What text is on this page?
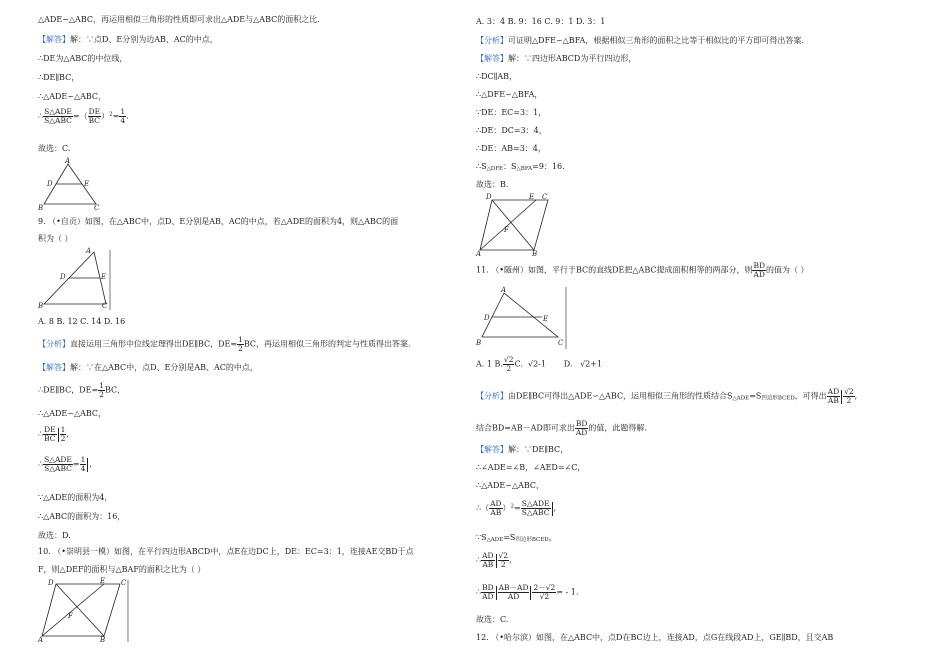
△ADE∽△ABC，再运用相似三角形的性质即可求出△ADE与△ABC的面积之比.
【解答】解：∵点D、E分别为边AB、AC的中点，
∴DE为△ABC的中位线，
∴DE∥BC，
∴△ADE∽△ABC，
∴ S△ADE
S△ABC =（ $\frac{DE}{BC} )^2= \frac{1}{4}$ ．
故选：C.
A
D	E
B	C
9. （•自贡）如图，在△ABC中，点D、E分别是AB、AC的中点，若△ADE的面积为4，则△ABC的面
积为（ ）
A
D	E
B	C
A. 8 B. 12 C. 14 D. 16
【分析】直接运用三角形中位线定理得出DE∥BC，$DE= \frac{1}{2}$ BC，再运用相似三角形的判定与性质得出答案.
【解答】解：∵在△ABC中，点D、E分别是AB、AC的中点，
∴DE∥BC，$DE= \frac{1}{2}$ BC，
∴△ADE∽△ABC，
∴ $\frac{DE}{BC} \frac{1}{2}$ ,
∴ S△ADE
S△ABC = $\frac{1}{4}$ ,
∵△ADE的面积为4，
∴△ABC的面积为：16，
故选：D.
10. （•崇明县一模）如图，在平行四边形ABCD中，点E在边DC上，DE：EC=3：1，连接AE交BD于点
F，则△DEF的面积与△BAF的面积之比为（ ）
D	E C
F
A	B
A. 3：4 B. 9：16 C. 9：1 D. 3：1
【分析】可证明△DFE∽△BFA，根据相似三角形的面积之比等于相似比的平方即可得出答案.
【解答】解：∵四边形ABCD为平行四边形，
∴DC∥AB，
∴△DFE∽△BFA，
∵DE：EC=3：1，
∴DE：DC=3：4，
∴DE：AB=3：4，
∴S△DFE：S△BFA=9：16.
故选：B.
D	E C
F
A	B
11. （•随州）如图，平行于BC的直线DE把△ABC提成面积相等的两部分，则 $\frac{BD}{AD}$ 的值为（ ）
A
D	E
B	C
A. 1 B. $\frac{√2}{2} C$. √2-1 D. √2+1
【分析】由DE∥BC可得出△ADE∽△ABC，运用相似三角形的性质结合S△ADE=S四边形BCED，可得出 $\frac{AD}{AB} \frac{√2}{2}$ ,
结合BD=AB－AD即可求出 $\frac{BD}{AD}$ 的值，此题得解.
【解答】解：∵DE∥BC，
∴∠ADE=∠B，∠AED=∠C，
∴△ADE∽△ABC，
∴（ $\frac{AD}{AB} )^2=$ S△ADE
S△ABC ,
∵S△ADE=S四边形BCED，
∴ $\frac{AD}{AB} \frac{√2}{2}$ ,
∴ $\frac{BD}{AD} \frac{AB-AD}{AD} \frac{2-√2}{√2}$ = - 1.
故选：C.
12. （•哈尔滨）如图，在△ABC中，点D在BC边上，连接AD，点G在线段AD上，GE∥BD，且交AB
